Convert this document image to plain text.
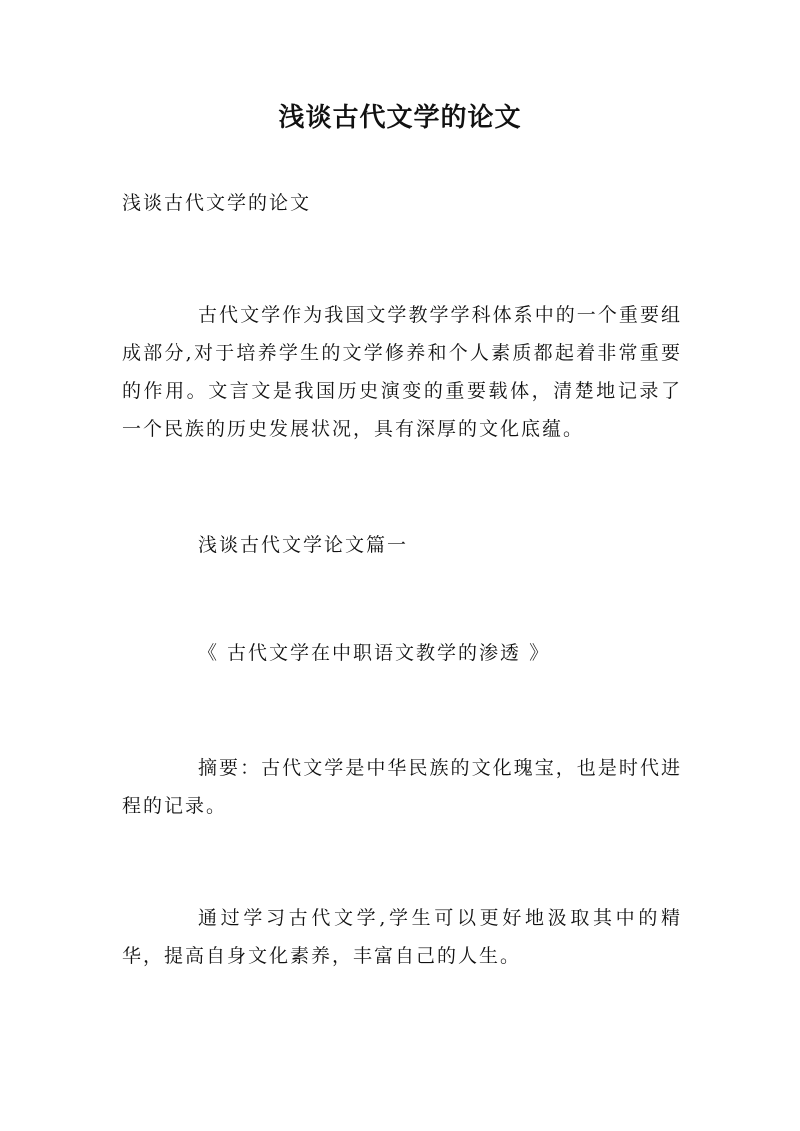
浅谈古代文学的论文

浅谈古代文学的论文

古代文学作为我国文学教学学科体系中的一个重要组成部分,对于培养学生的文学修养和个人素质都起着非常重要的作用。文言文是我国历史演变的重要载体，清楚地记录了一个民族的历史发展状况，具有深厚的文化底蕴。

浅谈古代文学论文篇一

《 古代文学在中职语文教学的渗透 》

摘要：古代文学是中华民族的文化瑰宝，也是时代进程的记录。

通过学习古代文学,学生可以更好地汲取其中的精华，提高自身文化素养，丰富自己的人生。
